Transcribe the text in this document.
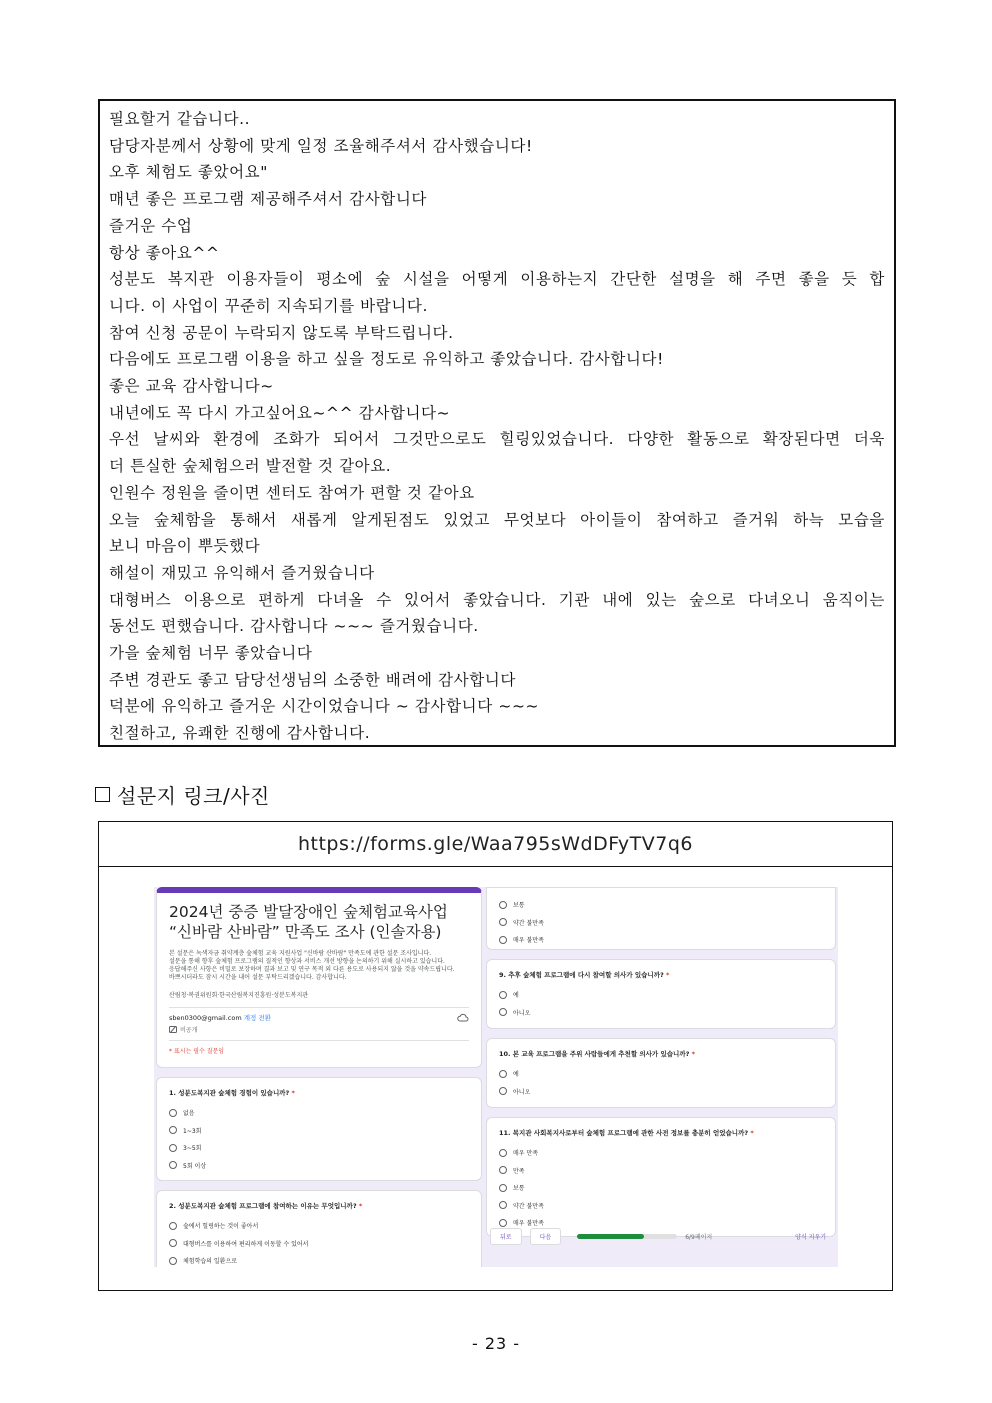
필요할거 같습니다..
담당자분께서 상황에 맞게 일정 조율해주셔서 감사했습니다!
오후 체험도 좋았어요"
매년 좋은 프로그램 제공해주셔서 감사합니다
즐거운 수업
항상 좋아요^^
성분도 복지관 이용자들이 평소에 숲 시설을 어떻게 이용하는지 간단한 설명을 해 주면 좋을 듯 합
니다. 이 사업이 꾸준히 지속되기를 바랍니다.
참여 신청 공문이 누락되지 않도록 부탁드립니다.
다음에도 프로그램 이용을 하고 싶을 정도로 유익하고 좋았습니다. 감사합니다!
좋은 교육 감사합니다~
내년에도 꼭 다시 가고싶어요~^^ 감사합니다~
우선 날씨와 환경에 조화가 되어서 그것만으로도 힐링있었습니다. 다양한 활동으로 확장된다면 더욱
더 튼실한 숲체험으러 발전할 것 같아요.
인원수 정원을 줄이면 센터도 참여가 편할 것 같아요
오늘 숲체함을 통해서 새롭게 알게된점도 있었고 무엇보다 아이들이 참여하고 즐거워 하늑 모습을
보니 마음이 뿌듯했다
해설이 재밌고 유익해서 즐거웠습니다
대형버스 이용으로 편하게 다녀올 수 있어서 좋았습니다. 기관 내에 있는 숲으로 다녀오니 움직이는
동선도 편했습니다. 감사합니다 ~~~ 즐거웠습니다.
가을 숲체험 너무 좋았습니다
주변 경관도 좋고 담당선생님의 소중한 배려에 감사합니다
덕분에 유익하고 즐거운 시간이었습니다 ~ 감사합니다 ~~~
친절하고, 유쾌한 진행에 감사합니다.
설문지 링크/사진
https://forms.gle/Waa795sWdDFyTV7q6
2024년 중증 발달장애인 숲체험교육사업 “신바람 산바람” 만족도 조사 (인솔자용)

본 설문은 녹색자금 취약계층 숲체험 교육 지원사업 "신바람 산바람" 만족도에 관한 설문 조사입니다.

설문을 통해 향후 숲체험 프로그램의 질적인 향상과 서비스 개선 방향을 논의하기 위해 실시하고 있습니다.

응답해주신 사항은 비밀로 보장하며 결과 보고 및 연구 목적 외 다른 용도로 사용되지 않을 것을 약속드립니다.

바쁘시더라도 잠시 시간을 내어 설문 부탁드리겠습니다. 감사합니다.

산림청·복권위원회·한국산림복지진흥원·성분도복지관
sben0300@gmail.com 계정 전환
비공개
* 표시는 필수 질문임
1. 성분도복지관 숲체험 경험이 있습니까? *
없음
1~3회
3~5회
5회 이상
2. 성분도복지관 숲체험 프로그램에 참여하는 이유는 무엇입니까? *
숲에서 힐링하는 것이 좋아서
대형버스를 이용하여 편리하게 이동할 수 있어서
체험학습의 일환으로
보통
약간 불만족
매우 불만족
9. 추후 숲체험 프로그램에 다시 참여할 의사가 있습니까? *
예
아니오
10. 본 교육 프로그램을 주위 사람들에게 추천할 의사가 있습니까? *
예
아니오
11. 복지관 사회복지사로부터 숲체험 프로그램에 관한 사전 정보를 충분히 얻었습니까? *
매우 만족
만족
보통
약간 불만족
매우 불만족
뒤로	다음	6/9페이지	양식 지우기
- 23 -
